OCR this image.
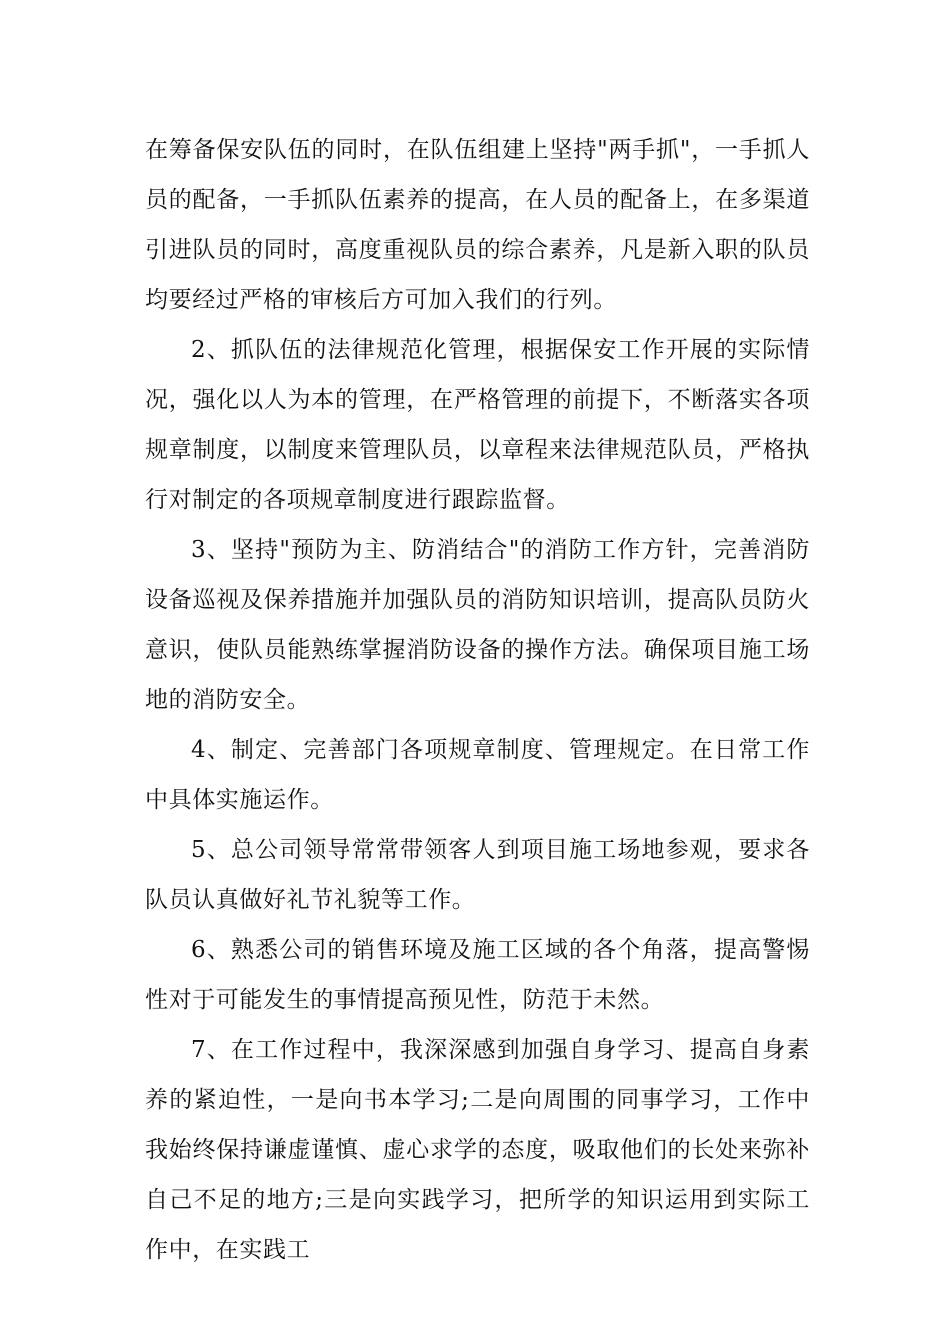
在筹备保安队伍的同时，在队伍组建上坚持"两手抓"，一手抓人员的配备，一手抓队伍素养的提高，在人员的配备上，在多渠道引进队员的同时，高度重视队员的综合素养，凡是新入职的队员均要经过严格的审核后方可加入我们的行列。

2、抓队伍的法律规范化管理，根据保安工作开展的实际情况，强化以人为本的管理，在严格管理的前提下，不断落实各项规章制度，以制度来管理队员，以章程来法律规范队员，严格执行对制定的各项规章制度进行跟踪监督。

3、坚持"预防为主、防消结合"的消防工作方针，完善消防设备巡视及保养措施并加强队员的消防知识培训，提高队员防火意识，使队员能熟练掌握消防设备的操作方法。确保项目施工场地的消防安全。

4、制定、完善部门各项规章制度、管理规定。在日常工作中具体实施运作。

5、总公司领导常常带领客人到项目施工场地参观，要求各队员认真做好礼节礼貌等工作。

6、熟悉公司的销售环境及施工区域的各个角落，提高警惕性对于可能发生的事情提高预见性，防范于未然。

7、在工作过程中，我深深感到加强自身学习、提高自身素养的紧迫性，一是向书本学习;二是向周围的同事学习，工作中我始终保持谦虚谨慎、虚心求学的态度，吸取他们的长处来弥补自己不足的地方;三是向实践学习，把所学的知识运用到实际工作中，在实践工
